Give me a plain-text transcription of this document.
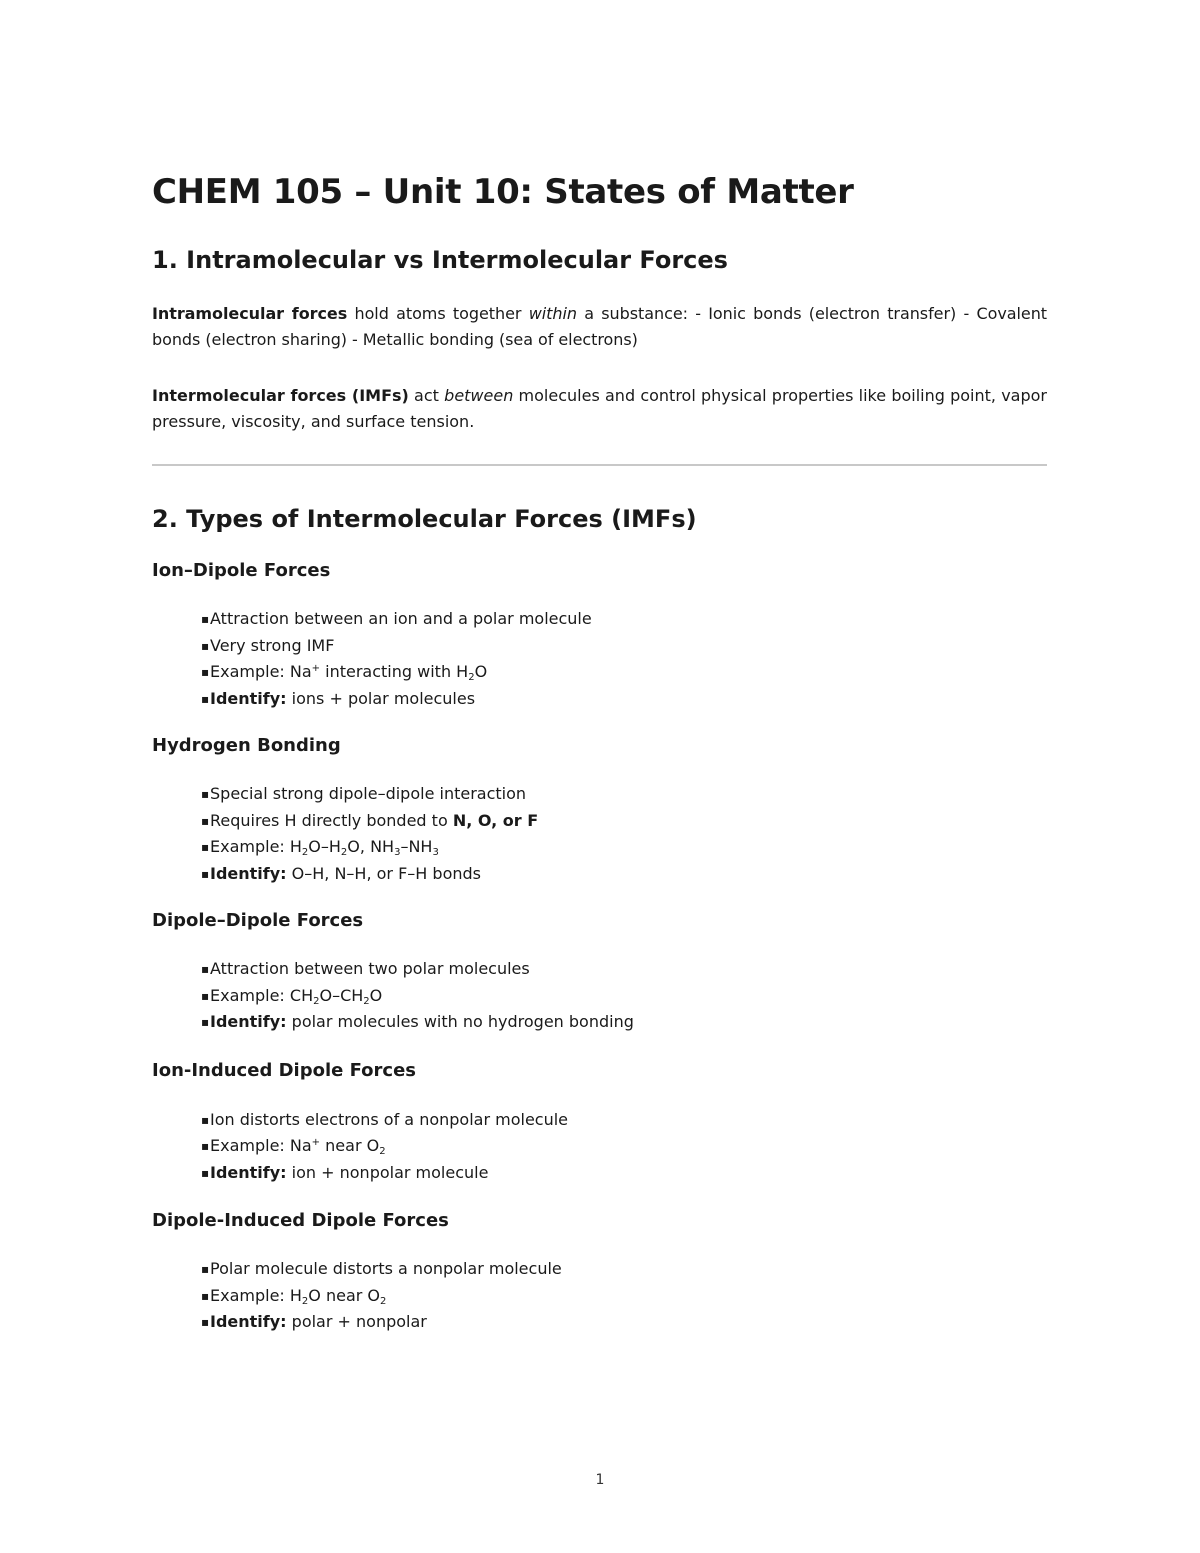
CHEM 105 – Unit 10: States of Matter
1. Intramolecular vs Intermolecular Forces

Intramolecular forces hold atoms together within a substance: - Ionic bonds (electron transfer) - Covalent bonds (electron sharing) - Metallic bonding (sea of electrons)

Intermolecular forces (IMFs) act between molecules and control physical properties like boiling point, vapor pressure, viscosity, and surface tension.

2. Types of Intermolecular Forces (IMFs)
Ion–Dipole Forces
▪Attraction between an ion and a polar molecule
▪Very strong IMF
▪Example: Na+ interacting with $H_2O$
▪Identify: ions + polar molecules
Hydrogen Bonding
▪Special strong dipole–dipole interaction
▪Requires H directly bonded to N, O, or F
▪Example: $H_2O-H_2O$, $NH_3-NH_3$
▪Identify: O–H, N–H, or F–H bonds
Dipole–Dipole Forces
▪Attraction between two polar molecules
▪Example: $CH_2O-CH_2O$
▪Identify: polar molecules with no hydrogen bonding
Ion-Induced Dipole Forces
▪Ion distorts electrons of a nonpolar molecule
▪Example: Na+ near $O_2$
▪Identify: ion + nonpolar molecule
Dipole-Induced Dipole Forces
▪Polar molecule distorts a nonpolar molecule
▪Example: $H_2O$ near $O_2$
▪Identify: polar + nonpolar
1
